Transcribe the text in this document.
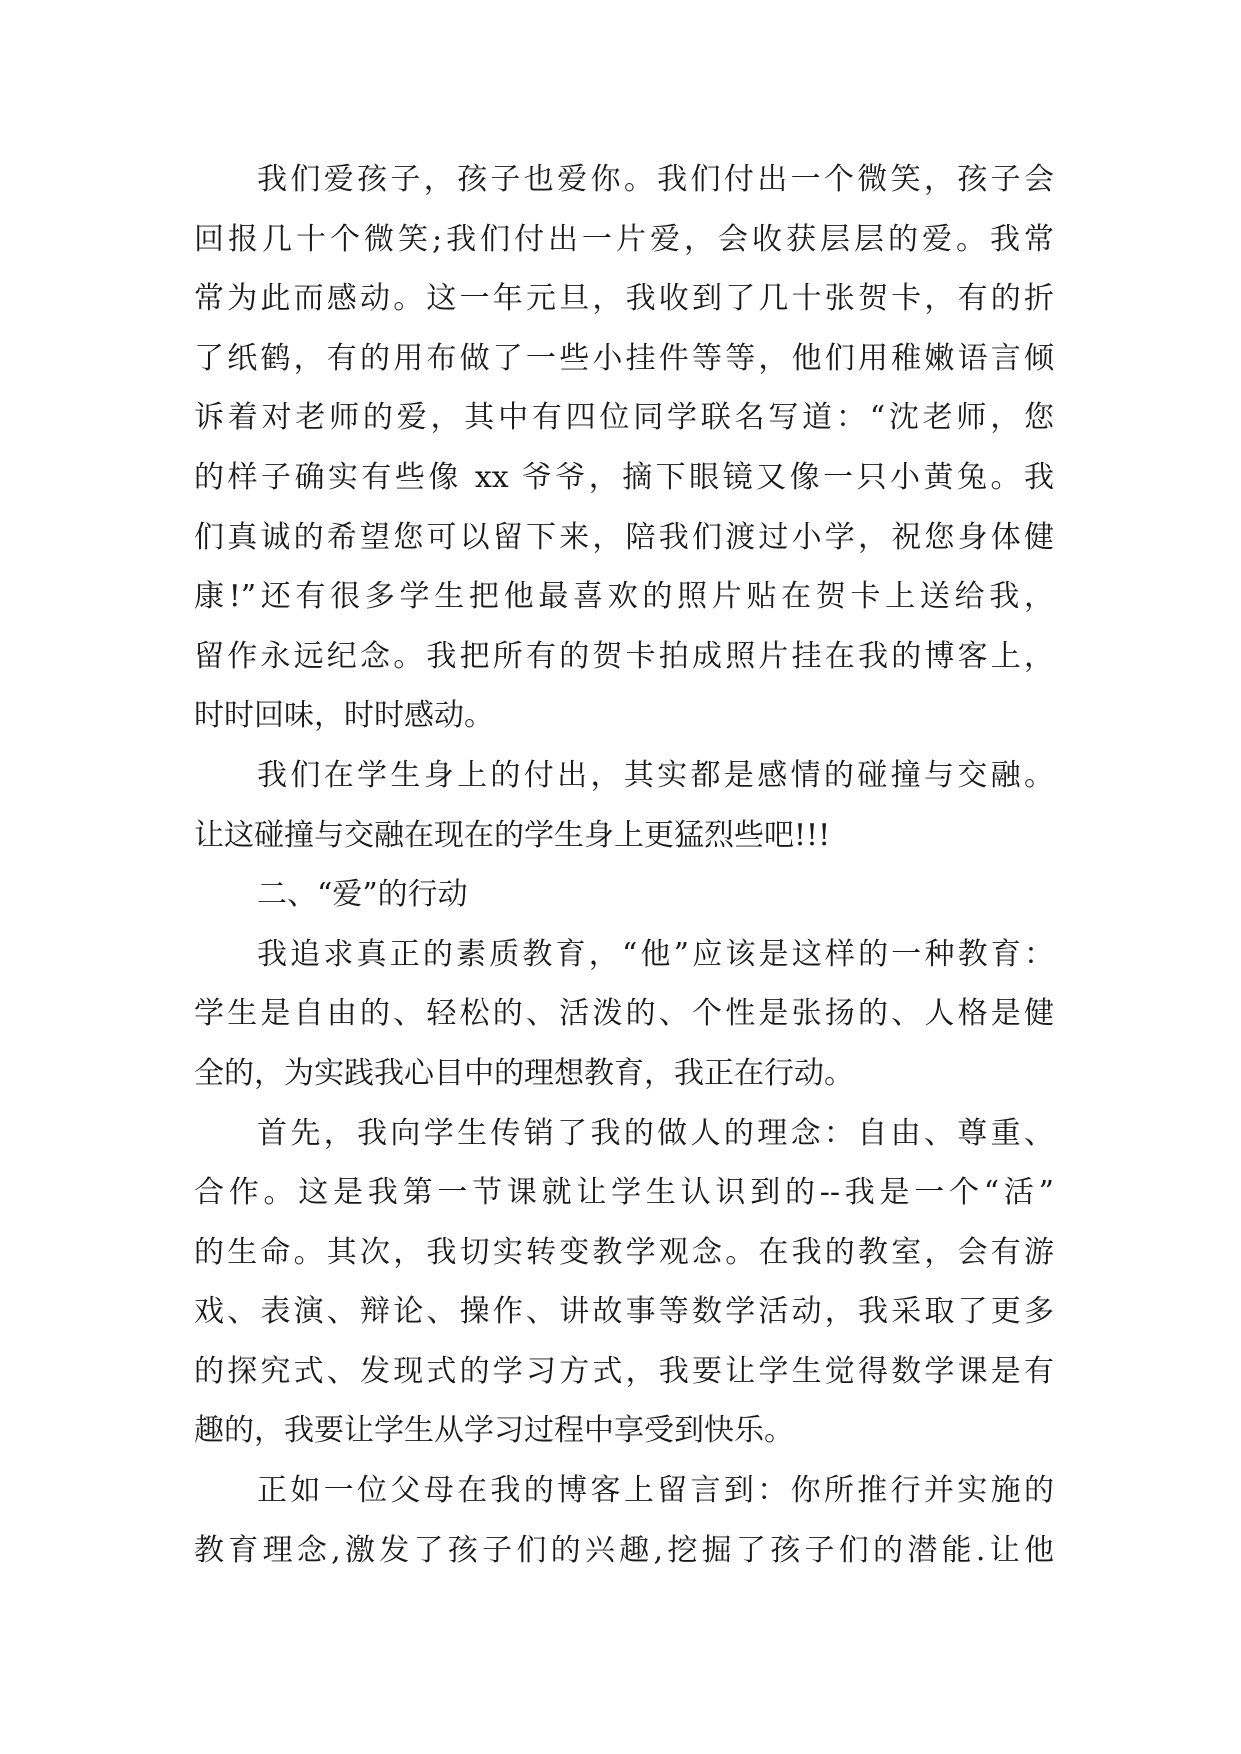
我们爱孩子，孩子也爱你。我们付出一个微笑，孩子会
回报几十个微笑;我们付出一片爱，会收获层层的爱。我常
常为此而感动。这一年元旦，我收到了几十张贺卡，有的折
了纸鹤，有的用布做了一些小挂件等等，他们用稚嫩语言倾
诉着对老师的爱，其中有四位同学联名写道：“沈老师，您
的样子确实有些像 xx 爷爷，摘下眼镜又像一只小黄兔。我
们真诚的希望您可以留下来，陪我们渡过小学，祝您身体健
康!”还有很多学生把他最喜欢的照片贴在贺卡上送给我，
留作永远纪念。我把所有的贺卡拍成照片挂在我的博客上，
时时回味，时时感动。
我们在学生身上的付出，其实都是感情的碰撞与交融。
让这碰撞与交融在现在的学生身上更猛烈些吧!!!
二、“爱”的行动
我追求真正的素质教育，“他”应该是这样的一种教育：
学生是自由的、轻松的、活泼的、个性是张扬的、人格是健
全的，为实践我心目中的理想教育，我正在行动。
首先，我向学生传销了我的做人的理念：自由、尊重、
合作。这是我第一节课就让学生认识到的--我是一个“活”
的生命。其次，我切实转变教学观念。在我的教室，会有游
戏、表演、辩论、操作、讲故事等数学活动，我采取了更多
的探究式、发现式的学习方式，我要让学生觉得数学课是有
趣的，我要让学生从学习过程中享受到快乐。
正如一位父母在我的博客上留言到：你所推行并实施的
教育理念,激发了孩子们的兴趣,挖掘了孩子们的潜能.让他
